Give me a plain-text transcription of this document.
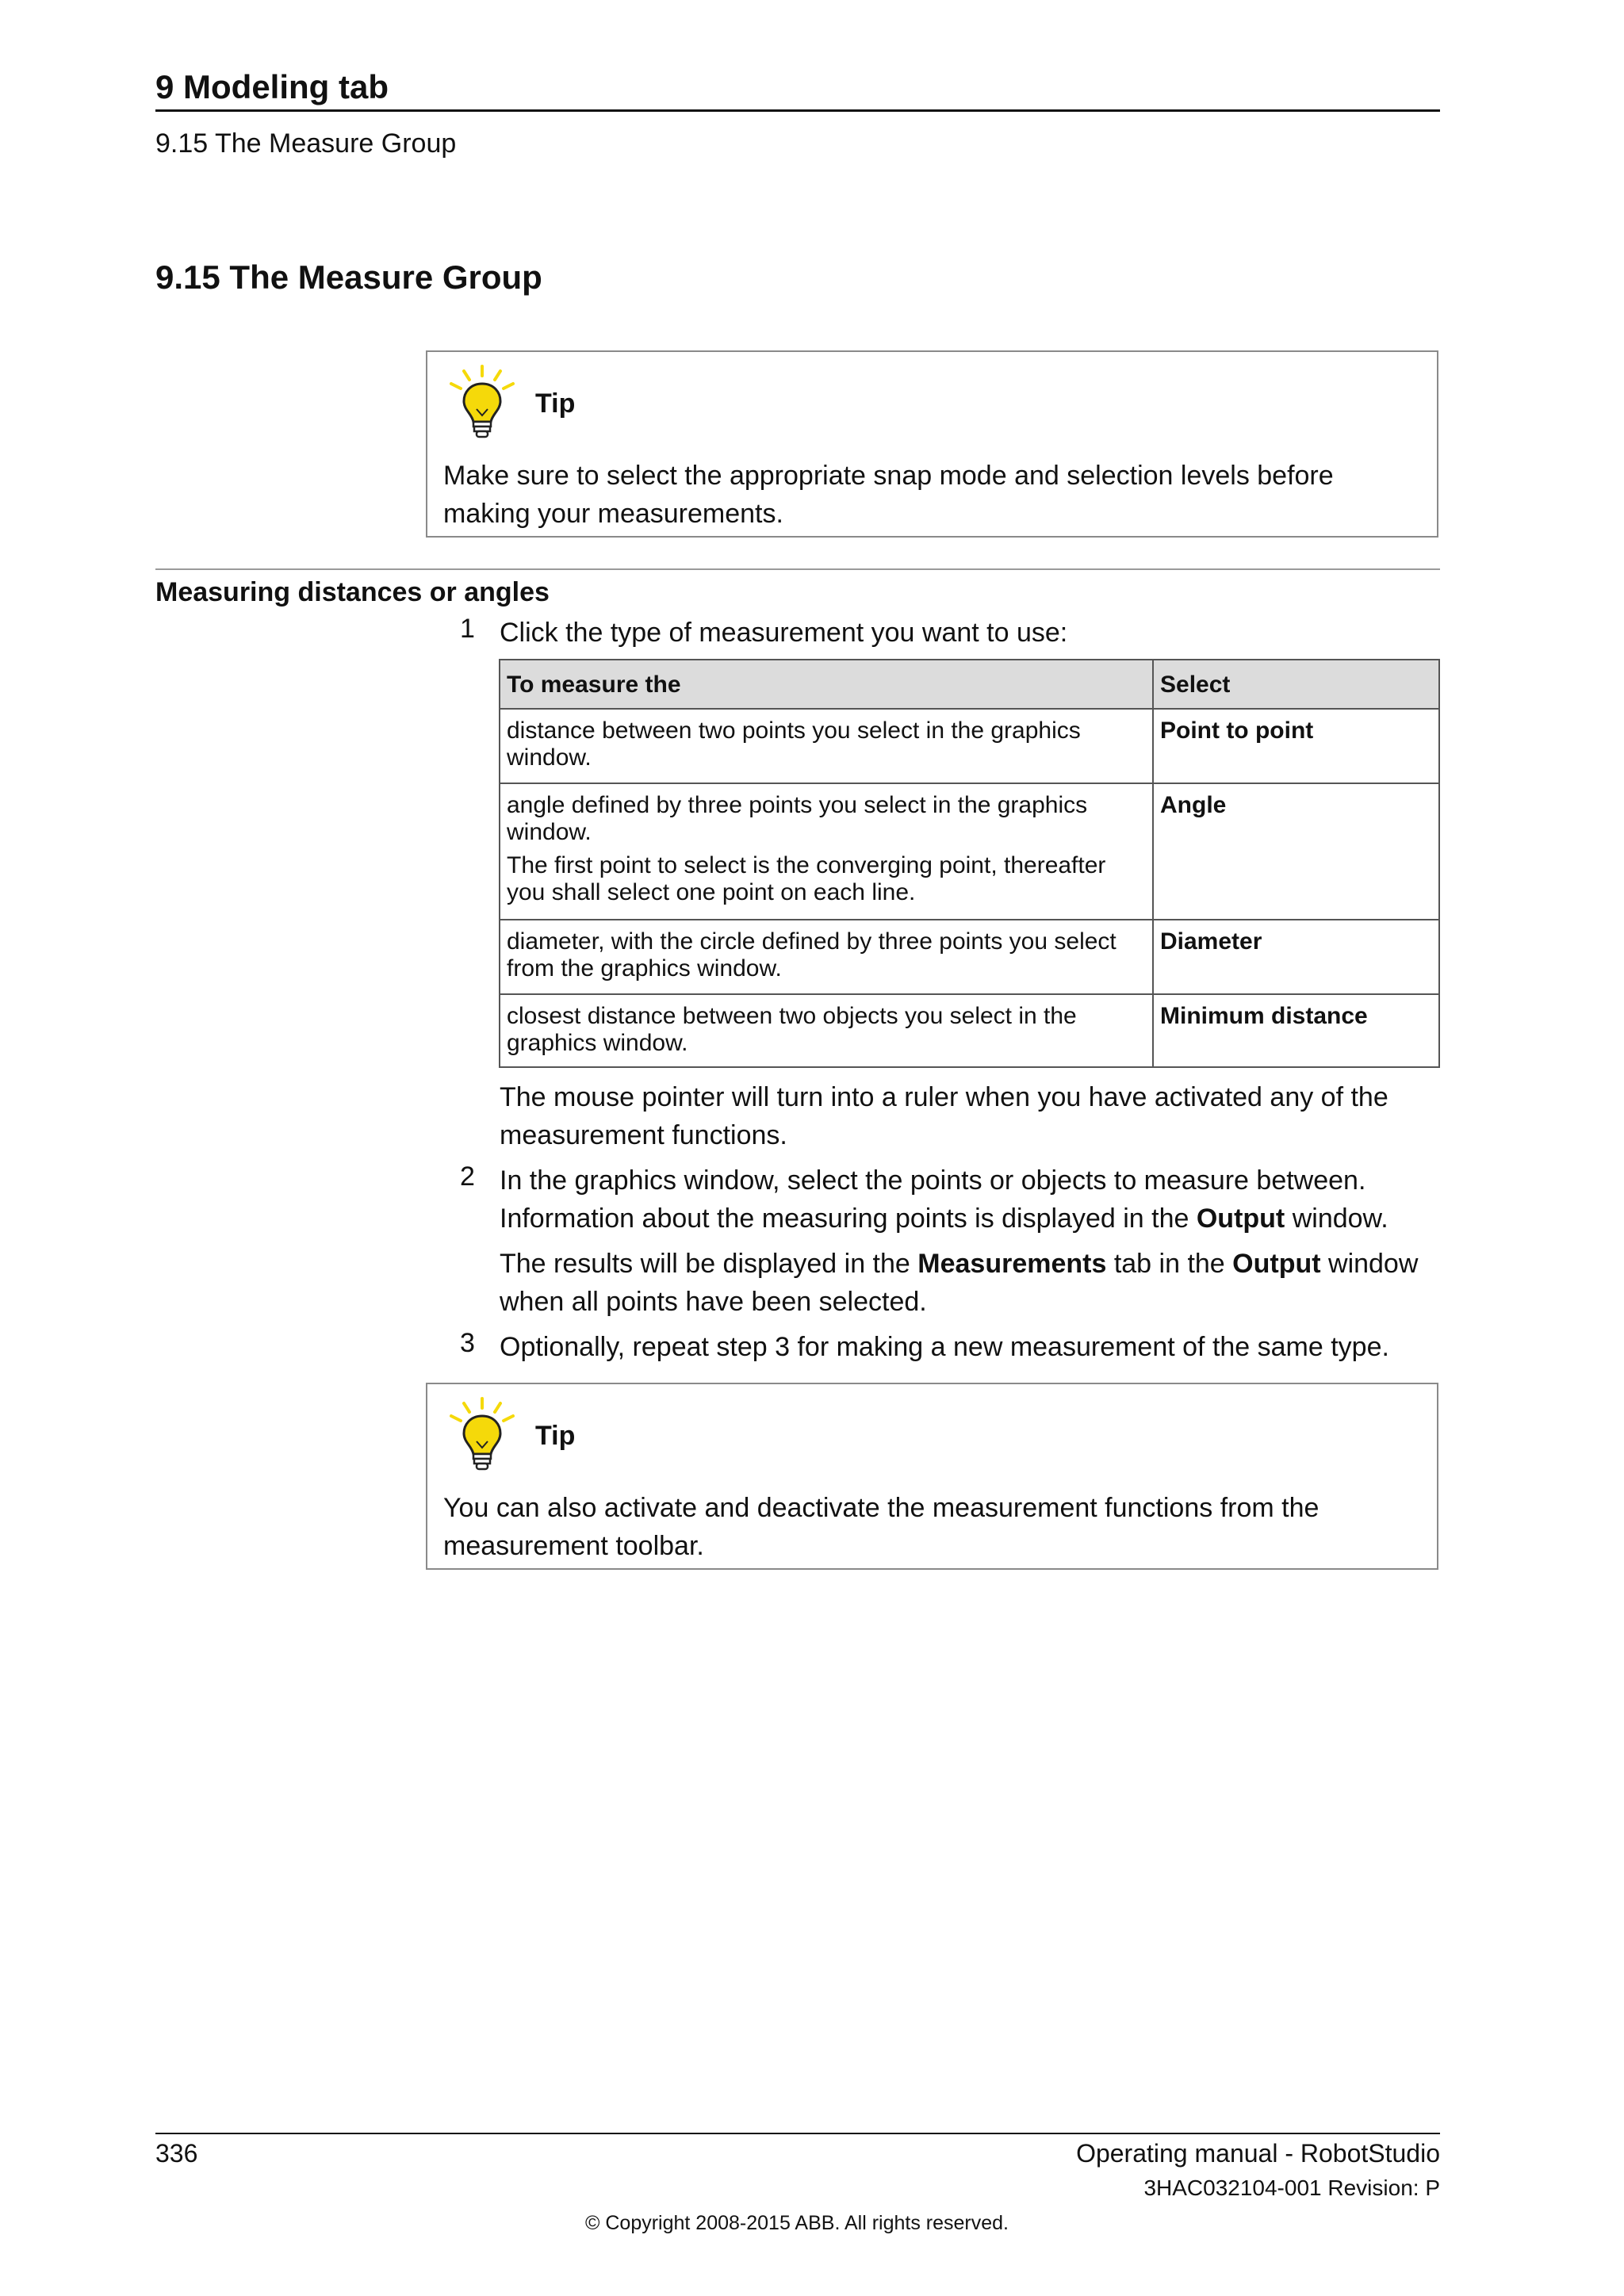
9 Modeling tab
9.15 The Measure Group
9.15 The Measure Group
Tip
Make sure to select the appropriate snap mode and selection levels before making your measurements.
Measuring distances or angles
1 Click the type of measurement you want to use:
To measure the	Select
distance between two points you select in the graphics window.	Point to point
angle defined by three points you select in the graphics window.
The first point to select is the converging point, thereafter you shall select one point on each line.	Angle
diameter, with the circle defined by three points you select from the graphics window.	Diameter
closest distance between two objects you select in the graphics window.	Minimum distance
The mouse pointer will turn into a ruler when you have activated any of the measurement functions.
2 In the graphics window, select the points or objects to measure between. Information about the measuring points is displayed in the Output window.
The results will be displayed in the Measurements tab in the Output window when all points have been selected.
3 Optionally, repeat step 3 for making a new measurement of the same type.
Tip
You can also activate and deactivate the measurement functions from the measurement toolbar.
336	Operating manual - RobotStudio
3HAC032104-001 Revision: P
© Copyright 2008-2015 ABB. All rights reserved.
